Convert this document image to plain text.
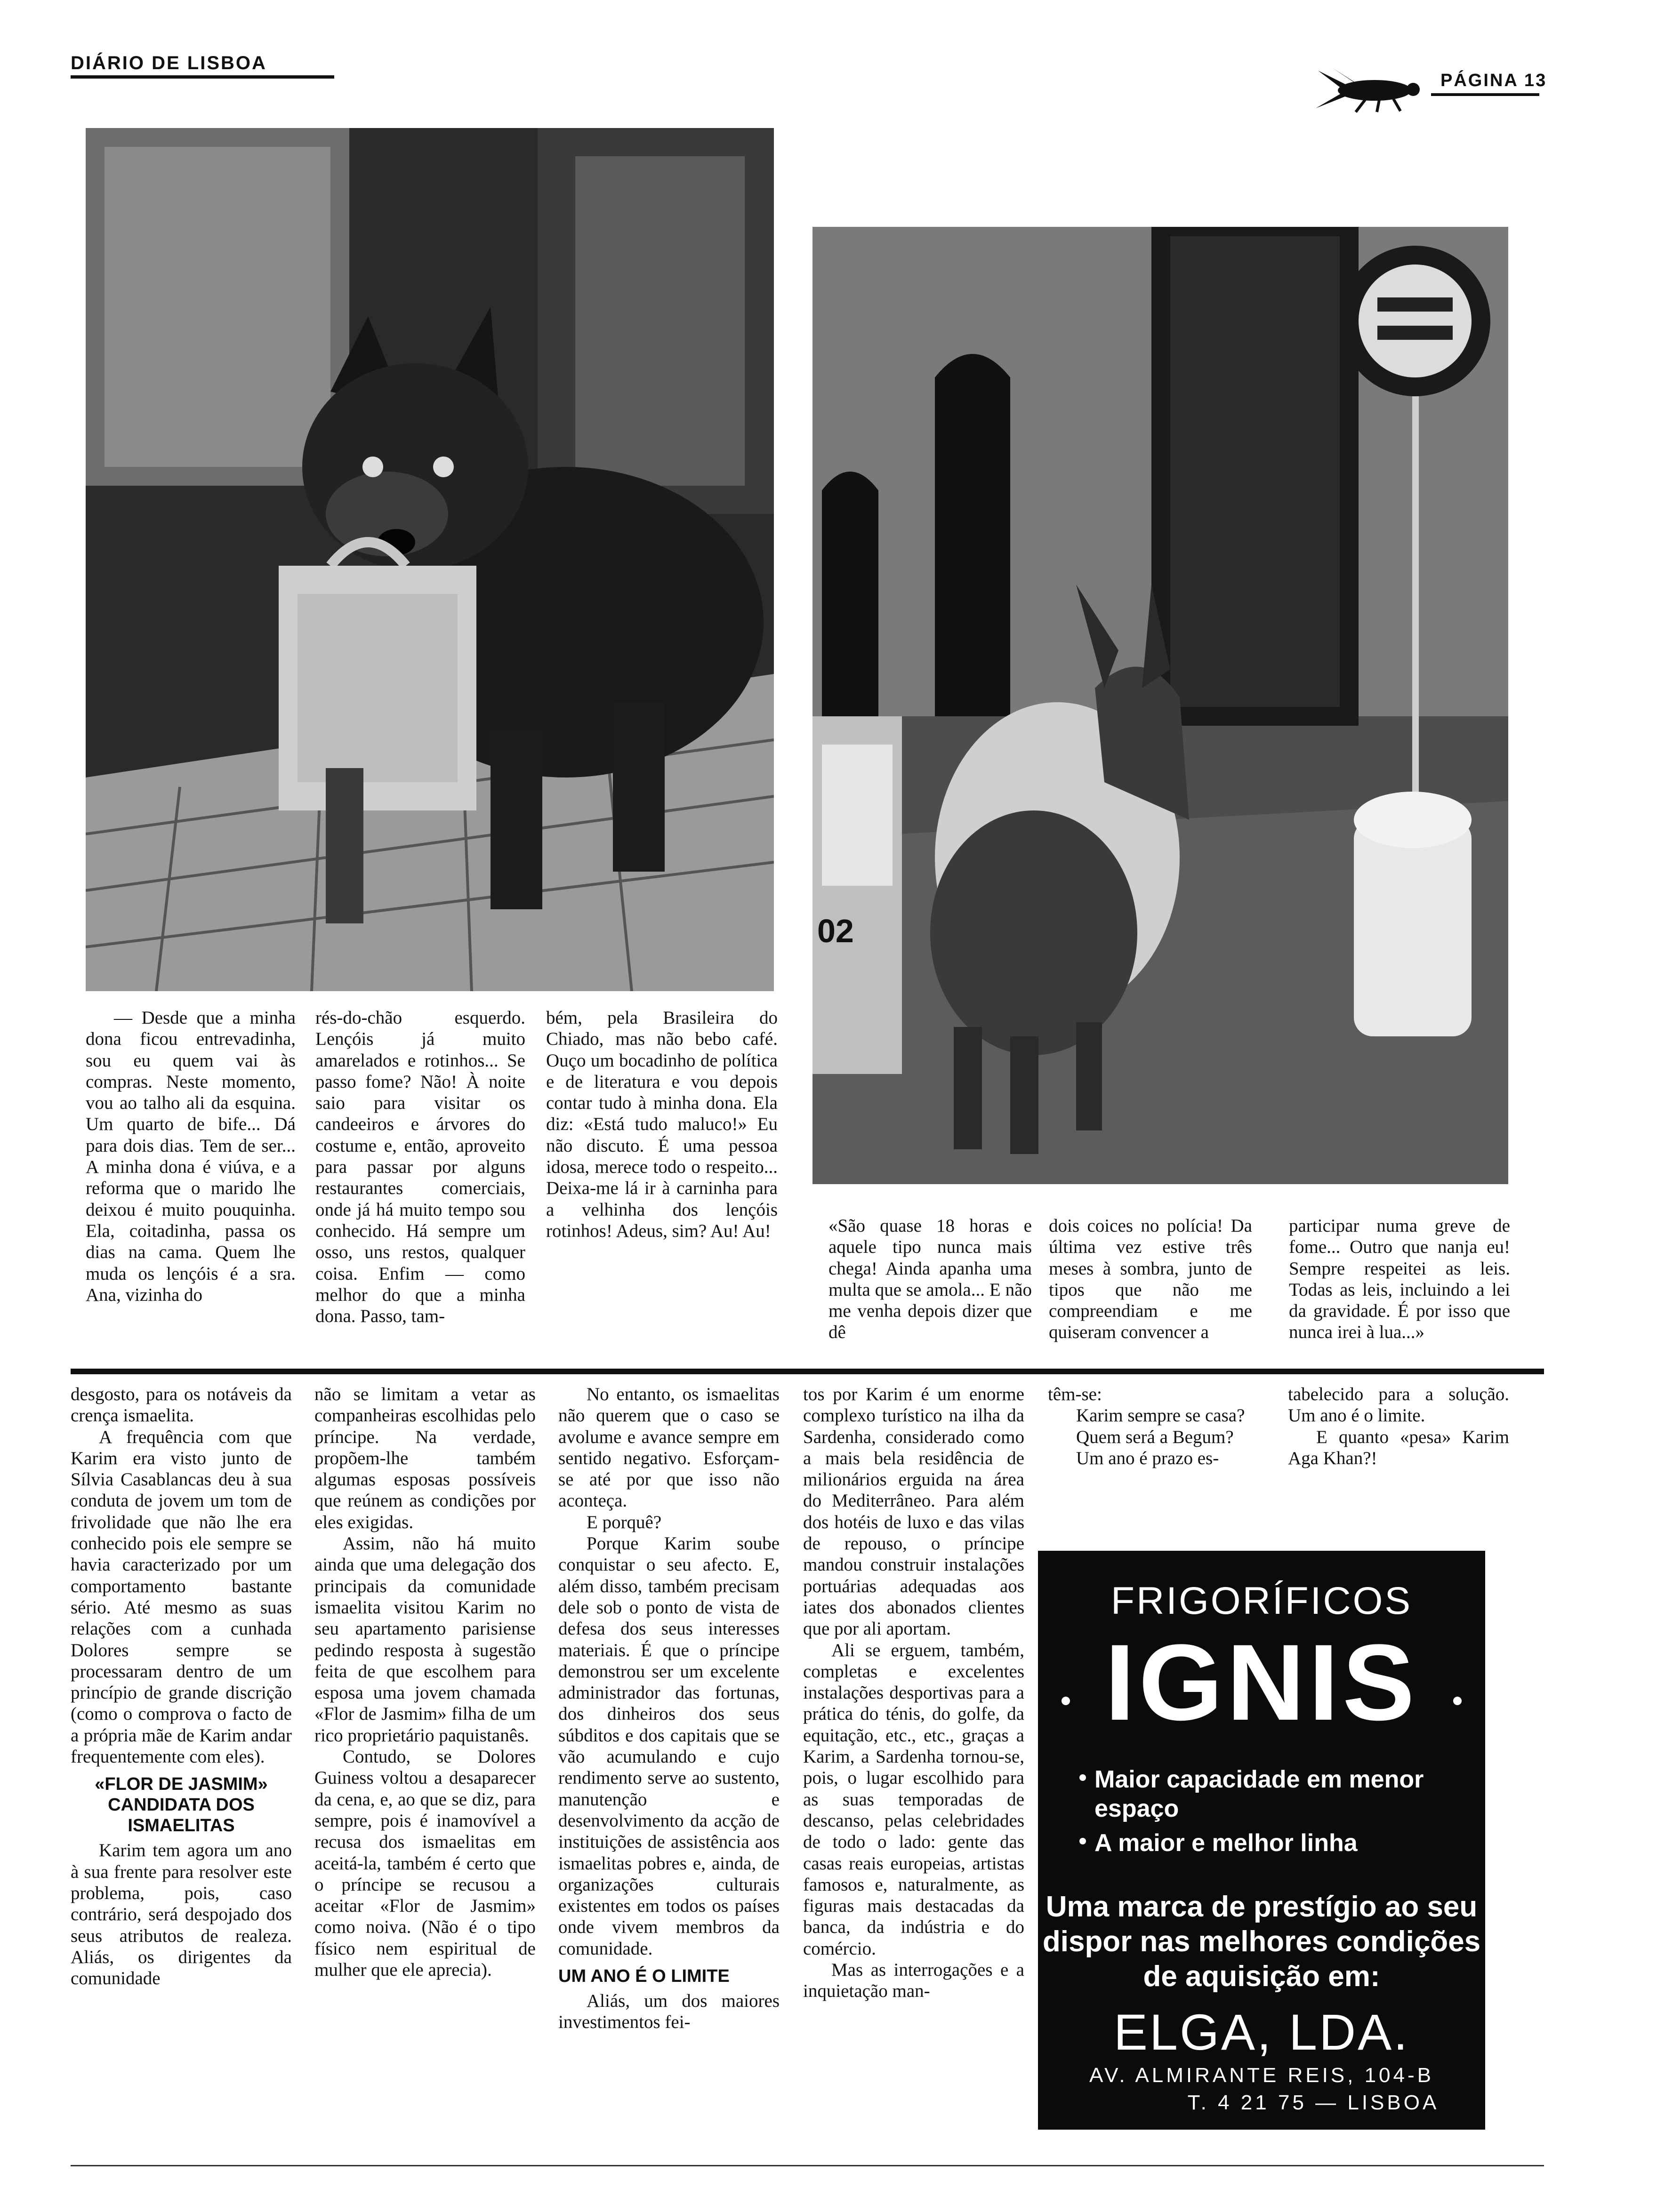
DIÁRIO DE LISBOA
PÁGINA 13
02

— Desde que a minha dona ficou entrevadinha, sou eu quem vai às compras. Neste momento, vou ao talho ali da esquina. Um quarto de bife... Dá para dois dias. Tem de ser... A minha dona é viúva, e a reforma que o marido lhe deixou é muito pouquinha. Ela, coitadinha, passa os dias na cama. Quem lhe muda os lençóis é a sra. Ana, vizinha do

rés-do-chão esquerdo. Lençóis já muito amarelados e rotinhos... Se passo fome? Não! À noite saio para visitar os candeeiros e árvores do costume e, então, aproveito para passar por alguns restaurantes comerciais, onde já há muito tempo sou conhecido. Há sempre um osso, uns restos, qualquer coisa. Enfim — como melhor do que a minha dona. Passo, tam-

bém, pela Brasileira do Chiado, mas não bebo café. Ouço um bocadinho de política e de literatura e vou depois contar tudo à minha dona. Ela diz: «Está tudo maluco!» Eu não discuto. É uma pessoa idosa, merece todo o respeito... Deixa-me lá ir à carninha para a velhinha dos lençóis rotinhos! Adeus, sim? Au! Au!	«São quase 18 horas e aquele tipo nunca mais chega! Ainda apanha uma multa que se amola... E não me venha depois dizer que dê

dois coices no polícia! Da última vez estive três meses à sombra, junto de tipos que não me compreendiam e me quiseram convencer a

participar numa greve de fome... Outro que nanja eu! Sempre respeitei as leis. Todas as leis, incluindo a lei da gravidade. É por isso que nunca irei à lua...»

desgosto, para os notáveis da crença ismaelita.

A frequência com que Karim era visto junto de Sílvia Casablancas deu à sua conduta de jovem um tom de frivolidade que não lhe era conhecido pois ele sempre se havia caracterizado por um comportamento bastante sério. Até mesmo as suas relações com a cunhada Dolores sempre se processaram dentro de um princípio de grande discrição (como o comprova o facto de a própria mãe de Karim andar frequentemente com eles).

«FLOR DE JASMIM» CANDIDATA DOS ISMAELITAS

Karim tem agora um ano à sua frente para resolver este problema, pois, caso contrário, será despojado dos seus atributos de realeza. Aliás, os dirigentes da comunidade

não se limitam a vetar as companheiras escolhidas pelo príncipe. Na verdade, propõem-lhe também algumas esposas possíveis que reúnem as condições por eles exigidas.

Assim, não há muito ainda que uma delegação dos principais da comunidade ismaelita visitou Karim no seu apartamento parisiense pedindo resposta à sugestão feita de que escolhem para esposa uma jovem chamada «Flor de Jasmim» filha de um rico proprietário paquistanês.

Contudo, se Dolores Guiness voltou a desaparecer da cena, e, ao que se diz, para sempre, pois é inamovível a recusa dos ismaelitas em aceitá-la, também é certo que o príncipe se recusou a aceitar «Flor de Jasmim» como noiva. (Não é o tipo físico nem espiritual de mulher que ele aprecia).

No entanto, os ismaelitas não querem que o caso se avolume e avance sempre em sentido negativo. Esforçam-se até por que isso não aconteça.

E porquê?

Porque Karim soube conquistar o seu afecto. E, além disso, também precisam dele sob o ponto de vista de defesa dos seus interesses materiais. É que o príncipe demonstrou ser um excelente administrador das fortunas, dos dinheiros dos seus súbditos e dos capitais que se vão acumulando e cujo rendimento serve ao sustento, manutenção e desenvolvimento da acção de instituições de assistência aos ismaelitas pobres e, ainda, de organizações culturais existentes em todos os países onde vivem membros da comunidade.

UM ANO É O LIMITE

Aliás, um dos maiores investimentos fei-

tos por Karim é um enorme complexo turístico na ilha da Sardenha, considerado como a mais bela residência de milionários erguida na área do Mediterrâneo. Para além dos hotéis de luxo e das vilas de repouso, o príncipe mandou construir instalações portuárias adequadas aos iates dos abonados clientes que por ali aportam.

Ali se erguem, também, completas e excelentes instalações desportivas para a prática do ténis, do golfe, da equitação, etc., etc., graças a Karim, a Sardenha tornou-se, pois, o lugar escolhido para as suas temporadas de descanso, pelas celebridades de todo o lado: gente das casas reais europeias, artistas famosos e, naturalmente, as figuras mais destacadas da banca, da indústria e do comércio.

Mas as interrogações e a inquietação man-

têm-se:

Karim sempre se casa?

Quem será a Begum?

Um ano é prazo es-

tabelecido para a solução. Um ano é o limite.

E quanto «pesa» Karim Aga Khan?!

FRIGORÍFICOS
IGNIS
Maior capacidade em menor espaço
A maior e melhor linha
Uma marca de prestígio ao seu dispor nas melhores condições de aquisição em:
ELGA, LDA.
AV. ALMIRANTE REIS, 104-B
T. 4 21 75 — LISBOA
